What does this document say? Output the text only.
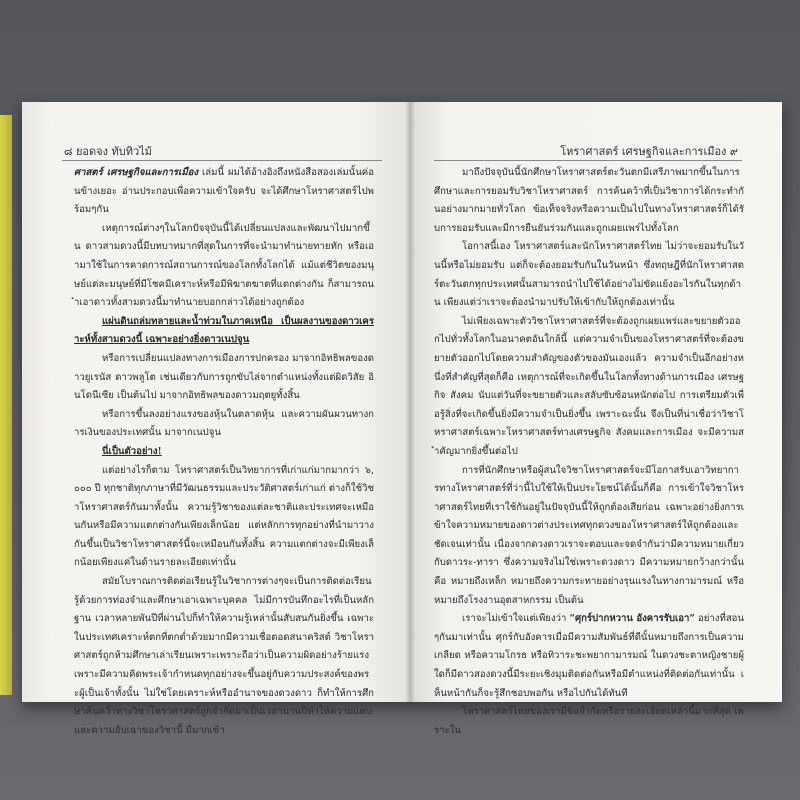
๘ ยอดจง ทับทิวไม้

ศาสตร์ เศรษฐกิจและการเมือง เล่มนี้ ผมได้อ้างอิงถึงหนังสือสองเล่มนั้นค่อนข้างเยอะ อ่านประกอบเพื่อความเข้าใจครับ จะได้ศึกษาโหราศาสตร์ไปพร้อมๆกัน

เหตุการณ์ต่างๆในโลกปัจจุบันนี้ได้เปลี่ยนแปลงและพัฒนาไปมากขึ้น ดาวสามดวงนี้มีบทบาทมากที่สุดในการที่จะนำมาทำนายทายทัก หรือเอามาใช้ในการคาดการณ์สถานการณ์ของโลกทั้งโลกได้ แม้แต่ชีวิตของมนุษย์แต่ละมนุษย์ที่มีโชคมีเคราะห์หรือมีพิฆาตฆาตที่แตกต่างกัน ก็สามารถนำเอาดาวทั้งสามดวงนี้มาทำนายบอกกล่าวได้อย่างถูกต้อง

แผ่นดินถล่มทลายและน้ำท่วมในภาคเหนือ เป็นผลงานของดาวเคราะห์ทั้งสามดวงนี้ เฉพาะอย่างยิ่งดาวเนปจูน

หรือการเปลี่ยนแปลงทางการเมืองการปกครอง มาจากอิทธิพลของดาวยูเรนัส ดาวพลูโต เช่นเดียวกับการถูกขับไล่จากตำแหน่งทั้งแต่ผิดวิสัย อินโดนีเซีย เป็นต้นไป มาจากอิทธิพลของดาวมฤตยูทั้งสิ้น

หรือการขึ้นลงอย่างแรงของหุ้นในตลาดหุ้น และความผันผวนทางการเงินของประเทศนั้น มาจากเนปจูน

นี่เป็นตัวอย่าง!

แต่อย่างไรก็ตาม โหราศาสตร์เป็นวิทยาการที่เก่าแก่มากมากว่า ๖,๐๐๐ ปี ทุกชาติทุกภาษาที่มีวัฒนธรรมและประวัติศาสตร์เก่าแก่ ต่างก็ใช้วิชาโหราศาสตร์กันมาทั้งนั้น ความรู้วิชาของแต่ละชาติและประเทศจะเหมือนกันหรือมีความแตกต่างกันเพียงเล็กน้อย แต่หลักการทุกอย่างที่นำมาวางกันขึ้นเป็นวิชาโหราศาสตร์นี้จะเหมือนกันทั้งสิ้น ความแตกต่างจะมีเพียงเล็กน้อยเพียงแค่ในด้านรายละเอียดเท่านั้น

สมัยโบราณการติดต่อเรียนรู้ในวิชาการต่างๆจะเป็นการติดต่อเรียนรู้ด้วยการท่องจำและศึกษาเอาเฉพาะบุคคล ไม่มีการบันทึกอะไรที่เป็นหลักฐาน เวลาหลายพันปีที่ผ่านไปก็ทำให้ความรู้เหล่านั้นสับสนกันยิ่งขึ้น เฉพาะในประเทศเคราะห์ตกที่ตกต่ำด้วยมากมีความเชื่อตอดสนาคริสต์ วิชาโหราศาสตร์ถูกห้ามศึกษาเล่าเรียนเพราะเพราะถือว่าเป็นความผิดอย่างร้ายแรง เพราะมีความคิดพระเจ้ากำหนดทุกอย่างจะขึ้นอยู่กับความประสงค์ของพระผู้เป็นเจ้าทั้งนั้น ไม่ใช่โดยเคราะห์หรืออำนาจของดวงดาว ก็ทำให้การศึกษาค้นคว้าทางวิชาโหราศาสตร์ถูกจำกัดมาเป็นเวลานานปีทำให้ความแคบและความอับเฉาของวิชานี้ มีมากเข้า

โหราศาสตร์ เศรษฐกิจและการเมือง ๙

มาถึงปัจจุบันนี้นักศึกษาโหราศาสตร์ตะวันตกมีเสรีภาพมากขึ้นในการศึกษาและการยอมรับวิชาโหราศาสตร์ การค้นคว้าที่เป็นวิชาการได้กระทำกันอย่างมากมายทั่วโลก ข้อเท็จจริงหรือความเป็นไปในทางโหราศาสตร์ก็ได้รับการยอมรับและมีการยืนยันร่วมกันและถูกเผยแพร่ไปทั้งโลก

โอกาสนี้เอง โหราศาสตร์และนักโหราศาสตร์ไทย ไม่ว่าจะยอมรับในวันนี้หรือไม่ยอมรับ แต่ก็จะต้องยอมรับกันในวันหน้า ซึ่งทฤษฎีที่นักโหราศาสตร์ตะวันตกทุกประเทศนั้นสามารถนำไปใช้ได้อย่างไม่ขัดแย้งอะไรกันในทุกด้าน เพียงแต่ว่าเราจะต้องนำมาปรับให้เข้ากับให้ถูกต้องเท่านั้น

ไม่เพียงเฉพาะตัววิชาโหราศาสตร์ที่จะต้องถูกเผยแพร่และขยายตัวออกไปทั่วทั้งโลกในอนาคตอันใกล้นี้ แต่ความจำเป็นของโหราศาสตร์ที่จะต้องขยายตัวออกไปโดยความสำคัญของตัวของมันเองแล้ว ความจำเป็นอีกอย่างหนึ่งที่สำคัญที่สุดก็คือ เหตุการณ์ที่จะเกิดขึ้นในโลกทั้งทางด้านการเมือง เศรษฐกิจ สังคม นับแต่วันที่จะขยายตัวและสลับซับซ้อนหนักต่อไป การเตรียมตัวเพื่อรู้สิ่งที่จะเกิดขึ้นยิ่งมีความจำเป็นยิ่งขึ้น เพราะฉะนั้น จึงเป็นที่น่าเชื่อว่าวิชาโหราศาสตร์เฉพาะโหราศาสตร์ทางเศรษฐกิจ สังคมและการเมือง จะมีความสำคัญมากยิ่งขึ้นต่อไป

การที่นักศึกษาหรือผู้สนใจวิชาโหราศาสตร์จะมีโอกาสรับเอาวิทยาการทางโหราศาสตร์ที่ว่านี้ไปใช้ให้เป็นประโยชน์ได้นั้นก็คือ การเข้าใจวิชาโหราศาสตร์ไทยที่เราใช้กันอยู่ในปัจจุบันนี้ให้ถูกต้องเสียก่อน เฉพาะอย่างยิ่งการเข้าใจความหมายของดาวต่างประเทศทุกดวงของโหราศาสตร์ให้ถูกต้องและชัดเจนเท่านั้น เนื่องจากดวงดาวเราจะตอบและจดจำกันว่ามีความหมายเกี่ยวกับดาวระ-ทารา ซึ่งความจริงไม่ใช่เพราะดวงดาว มีความหมายกว้างกว่านั้นคือ หมายถึงเหล็ก หมายถึงความกระทายอย่างรุนแรงในทางกามารมณ์ หรือหมายถึงโรงงานอุตสาหกรรม เป็นต้น

เราจะไม่เข้าใจแต่เพียงว่า “ศุกร์ปากหวาน อังคารรับเอา” อย่างที่สอนๆกันมาเท่านั้น ศุกร์กับอังคารเมื่อมีความสัมพันธ์ที่ดีนั้นหมายถึงการเป็นความเกลียด หรือความโกรธ หรือทิวาระชะพยากามารมณ์ ในดวงชะตาหญิงชายผู้ใดก็มีดาวสองดวงนี้มีระยะเชิงมุมติดต่อกันหรือมีตำแหน่งที่ติดต่อกันเท่านั้น เห็นหน้ากันก็จะรู้สึกชอบพอกัน หรือไปกันได้ทันที

โหราศาสตร์ไทยของเรามีข้อจำกัดหรือรายละเอียดเหล่านี้มากที่สุด เพราะใน
